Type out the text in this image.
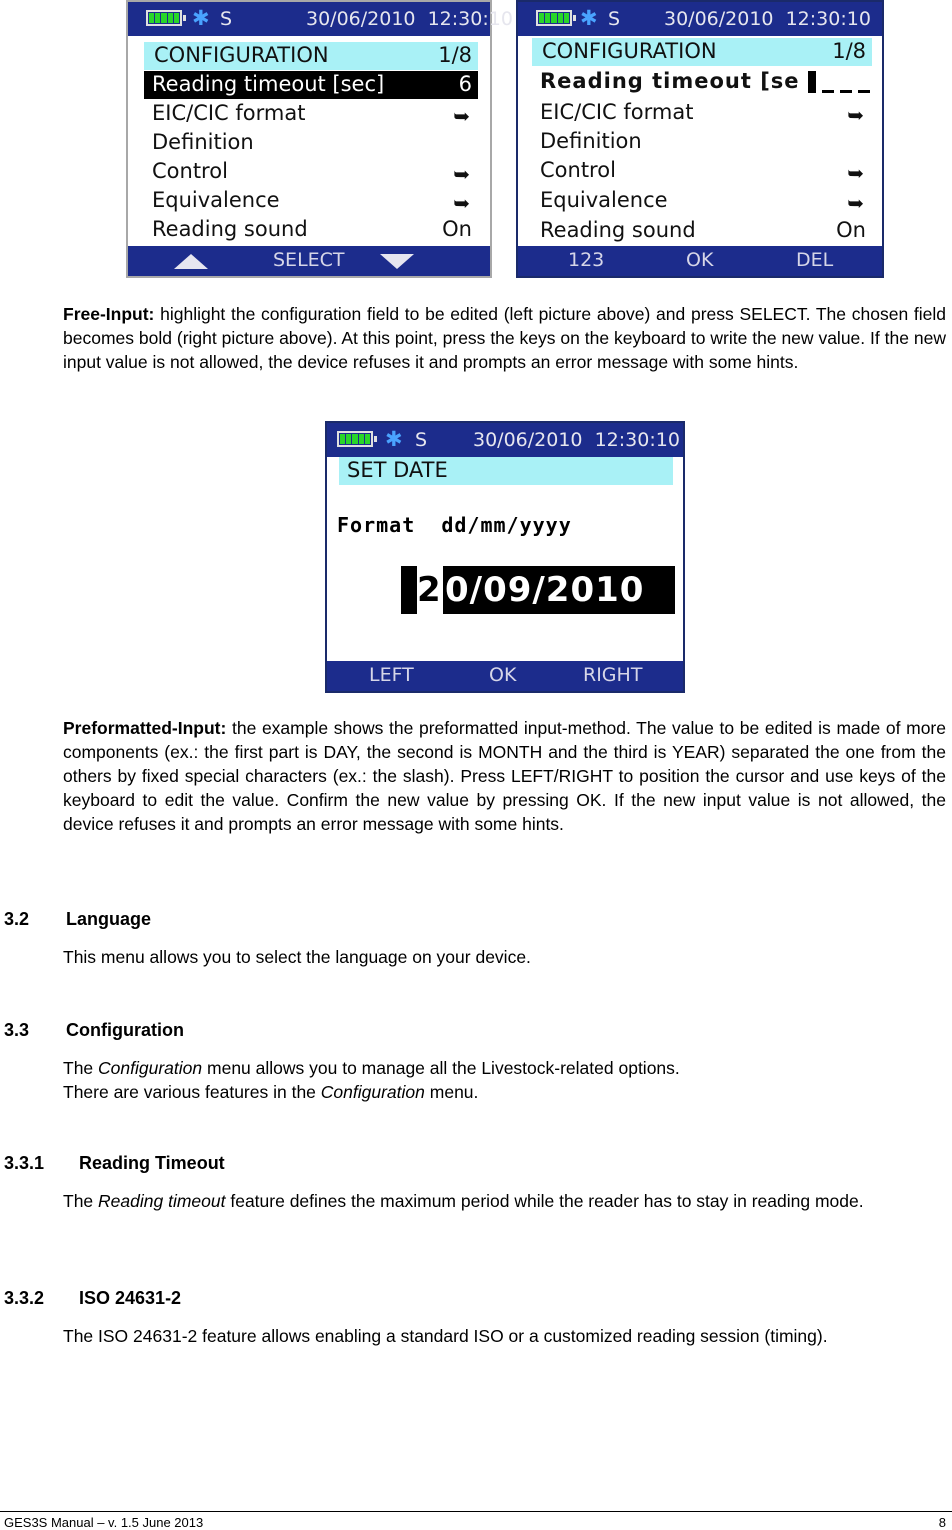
✱ S	30/06/2010  12:30:10
CONFIGURATION	1/8
Reading timeout [sec]	6
EIC/CIC format	➥
Definition
Control	➥
Equivalence	➥
Reading sound	On
SELECT
✱ S 30/06/2010  12:30:10
CONFIGURATION	1/8
Reading timeout [se
EIC/CIC format	➥
Definition
Control	➥
Equivalence	➥
Reading sound	On
123	OK	DEL
Free-Input: highlight the configuration field to be edited (left picture above) and press SELECT. The chosen field becomes bold (right picture above). At this point, press the keys on the keyboard to write the new value. If the new input value is not allowed, the device refuses it and prompts an error message with some hints.
✱ S 30/06/2010  12:30:10
SET DATE
Format  dd/mm/yyyy
2 0/09/2010
LEFT	OK	RIGHT
Preformatted-Input: the example shows the preformatted input-method. The value to be edited is made of more components (ex.: the first part is DAY, the second is MONTH and the third is YEAR) separated the one from the others by fixed special characters (ex.: the slash). Press LEFT/RIGHT to position the cursor and use keys of the keyboard to edit the value. Confirm the new value by pressing OK. If the new input value is not allowed, the device refuses it and prompts an error message with some hints.
3.2 Language
This menu allows you to select the language on your device.
3.3 Configuration
The Configuration menu allows you to manage all the Livestock-related options.
There are various features in the Configuration menu.
3.3.1 Reading Timeout
The Reading timeout feature defines the maximum period while the reader has to stay in reading mode.
3.3.2 ISO 24631-2
The ISO 24631-2 feature allows enabling a standard ISO or a customized reading session (timing).
GES3S Manual – v. 1.5 June 2013	8
